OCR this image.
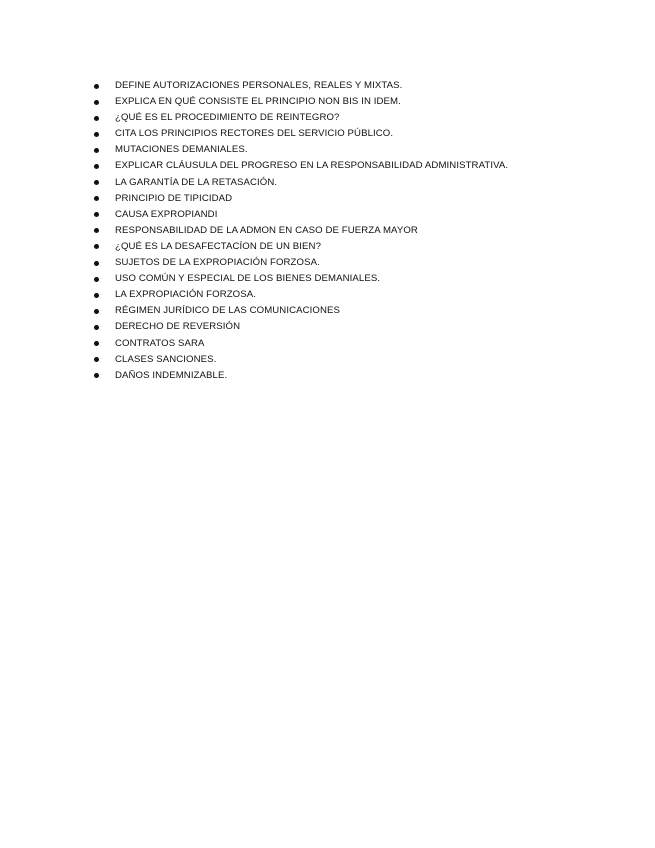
DEFINE AUTORIZACIONES PERSONALES, REALES Y MIXTAS.
EXPLICA EN QUÉ CONSISTE EL PRINCIPIO NON BIS IN IDEM.
¿QUÉ ES EL PROCEDIMIENTO DE REINTEGRO?
CITA LOS PRINCIPIOS RECTORES DEL SERVICIO PÚBLICO.
MUTACIONES DEMANIALES.
EXPLICAR CLÁUSULA DEL PROGRESO EN LA RESPONSABILIDAD ADMINISTRATIVA.
LA GARANTÍA DE LA RETASACIÓN.
PRINCIPIO DE TIPICIDAD
CAUSA EXPROPIANDI
RESPONSABILIDAD DE LA ADMON EN CASO DE FUERZA MAYOR
¿QUÉ ES LA DESAFECTACÍON DE UN BIEN?
SUJETOS DE LA EXPROPIACIÓN FORZOSA.
USO COMÚN Y ESPECIAL DE LOS BIENES DEMANIALES.
LA EXPROPIACIÓN FORZOSA.
RÉGIMEN JURÍDICO DE LAS COMUNICACIONES
DERECHO DE REVERSIÓN
CONTRATOS SARA
CLASES SANCIONES.
DAÑOS INDEMNIZABLE.
